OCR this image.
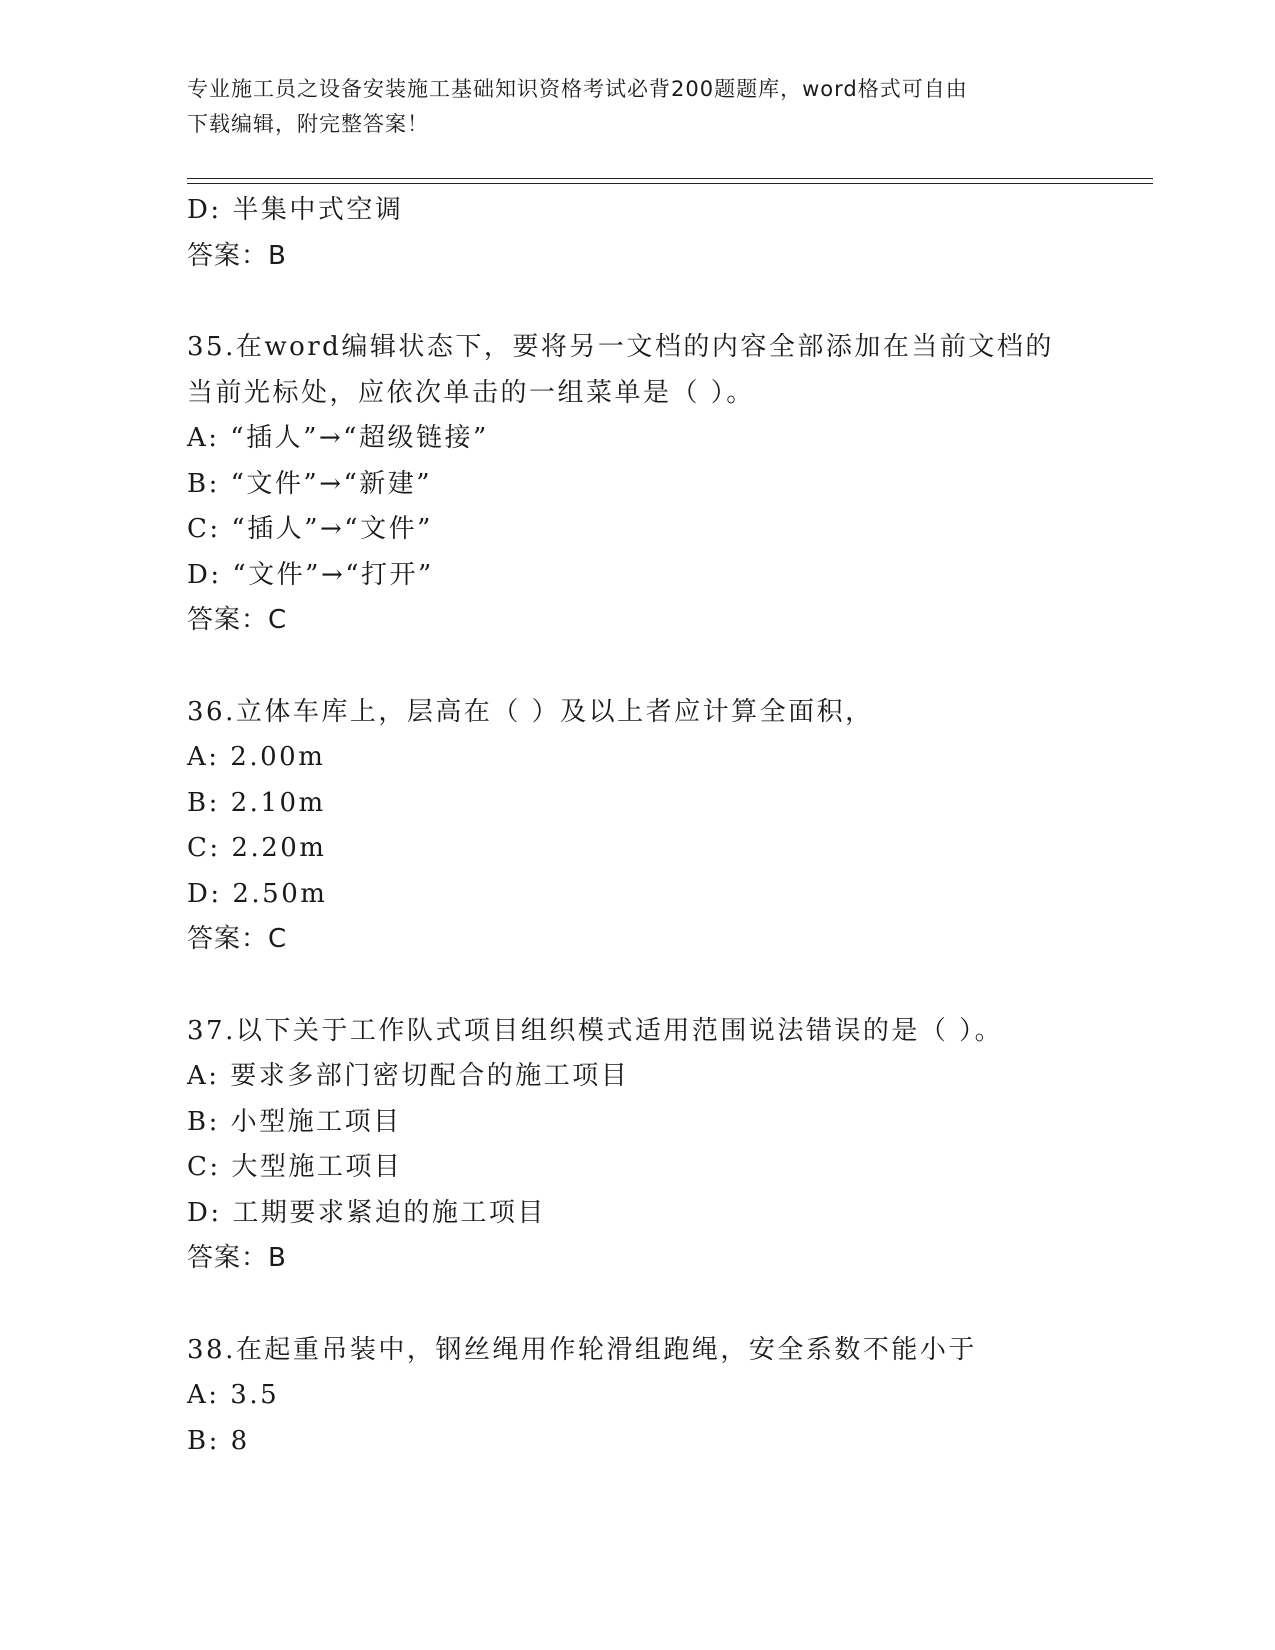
专业施工员之设备安装施工基础知识资格考试必背200题题库，word格式可自由
下载编辑，附完整答案！
D: 半集中式空调
答案：B
35.在word编辑状态下，要将另一文档的内容全部添加在当前文档的
当前光标处，应依次单击的一组菜单是（ ）。
A: “插人”→“超级链接”
B: “文件”→“新建”
C: “插人”→“文件”
D: “文件”→“打开”
答案：C
36.立体车库上，层高在（ ）及以上者应计算全面积，
A: 2.00m
B: 2.10m
C: 2.20m
D: 2.50m
答案：C
37.以下关于工作队式项目组织模式适用范围说法错误的是（ ）。
A: 要求多部门密切配合的施工项目
B: 小型施工项目
C: 大型施工项目
D: 工期要求紧迫的施工项目
答案：B
38.在起重吊装中，钢丝绳用作轮滑组跑绳，安全系数不能小于
A: 3.5
B: 8
